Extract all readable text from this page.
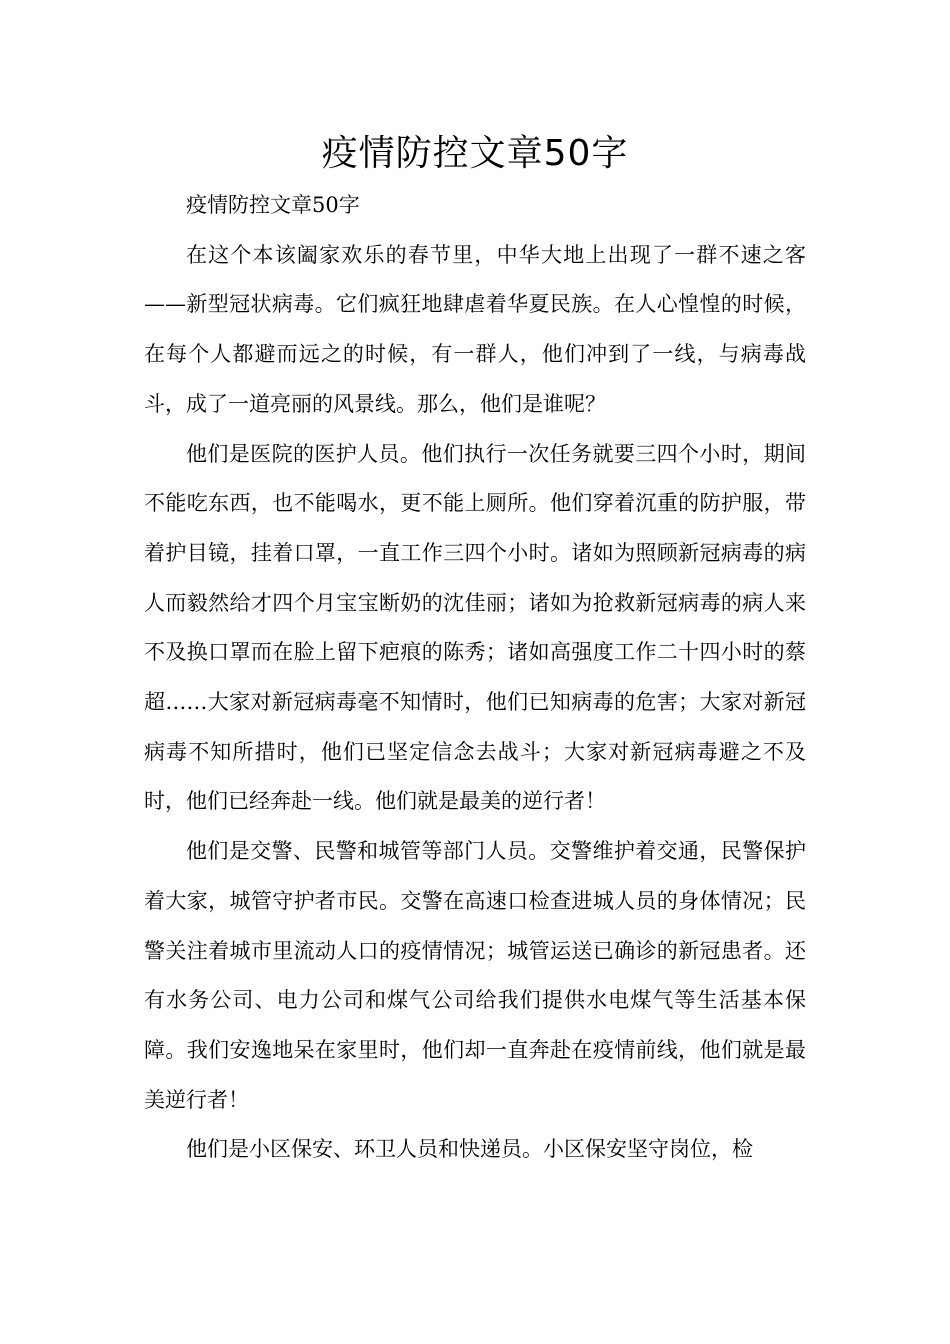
疫情防控文章50字

疫情防控文章50字

在这个本该阖家欢乐的春节里，中华大地上出现了一群不速之客——新型冠状病毒。它们疯狂地肆虐着华夏民族。在人心惶惶的时候，在每个人都避而远之的时候，有一群人，他们冲到了一线，与病毒战斗，成了一道亮丽的风景线。那么，他们是谁呢？

他们是医院的医护人员。他们执行一次任务就要三四个小时，期间不能吃东西，也不能喝水，更不能上厕所。他们穿着沉重的防护服，带着护目镜，挂着口罩，一直工作三四个小时。诸如为照顾新冠病毒的病人而毅然给才四个月宝宝断奶的沈佳丽；诸如为抢救新冠病毒的病人来不及换口罩而在脸上留下疤痕的陈秀；诸如高强度工作二十四小时的蔡超……大家对新冠病毒毫不知情时，他们已知病毒的危害；大家对新冠病毒不知所措时，他们已坚定信念去战斗；大家对新冠病毒避之不及时，他们已经奔赴一线。他们就是最美的逆行者！

他们是交警、民警和城管等部门人员。交警维护着交通，民警保护着大家，城管守护者市民。交警在高速口检查进城人员的身体情况；民警关注着城市里流动人口的疫情情况；城管运送已确诊的新冠患者。还有水务公司、电力公司和煤气公司给我们提供水电煤气等生活基本保障。我们安逸地呆在家里时，他们却一直奔赴在疫情前线，他们就是最美逆行者！

他们是小区保安、环卫人员和快递员。小区保安坚守岗位，检
